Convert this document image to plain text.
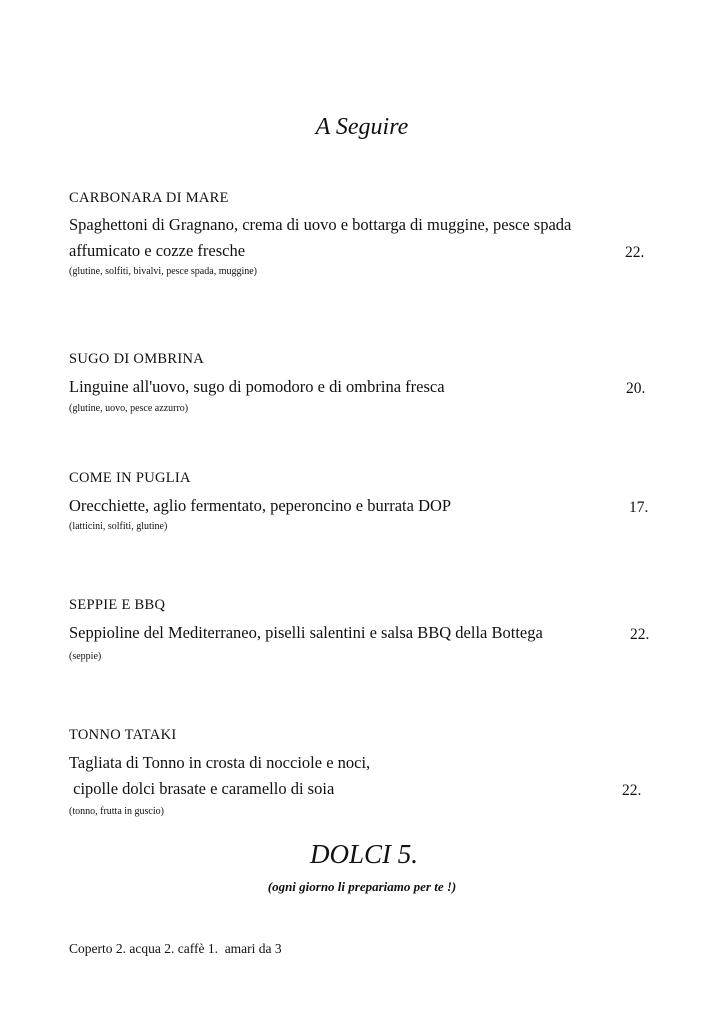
A Seguire
CARBONARA DI MARE
Spaghettoni di Gragnano, crema di uovo e bottarga di muggine, pesce spada
affumicato e cozze fresche	22.
(glutine, solfiti, bivalvi, pesce spada, muggine)
SUGO DI OMBRINA
Linguine all'uovo, sugo di pomodoro e di ombrina fresca	20.
(glutine, uovo, pesce azzurro)
COME IN PUGLIA
Orecchiette, aglio fermentato, peperoncino e burrata DOP	17.
(latticini, solfiti, glutine)
SEPPIE E BBQ
Seppioline del Mediterraneo, piselli salentini e salsa BBQ della Bottega	22.
(seppie)
TONNO TATAKI
Tagliata di Tonno in crosta di nocciole e noci,
cipolle dolci brasate e caramello di soia	22.
(tonno, frutta in guscio)
DOLCI 5.
(ogni giorno li prepariamo per te !)
Coperto 2. acqua 2. caffè 1.  amari da 3
